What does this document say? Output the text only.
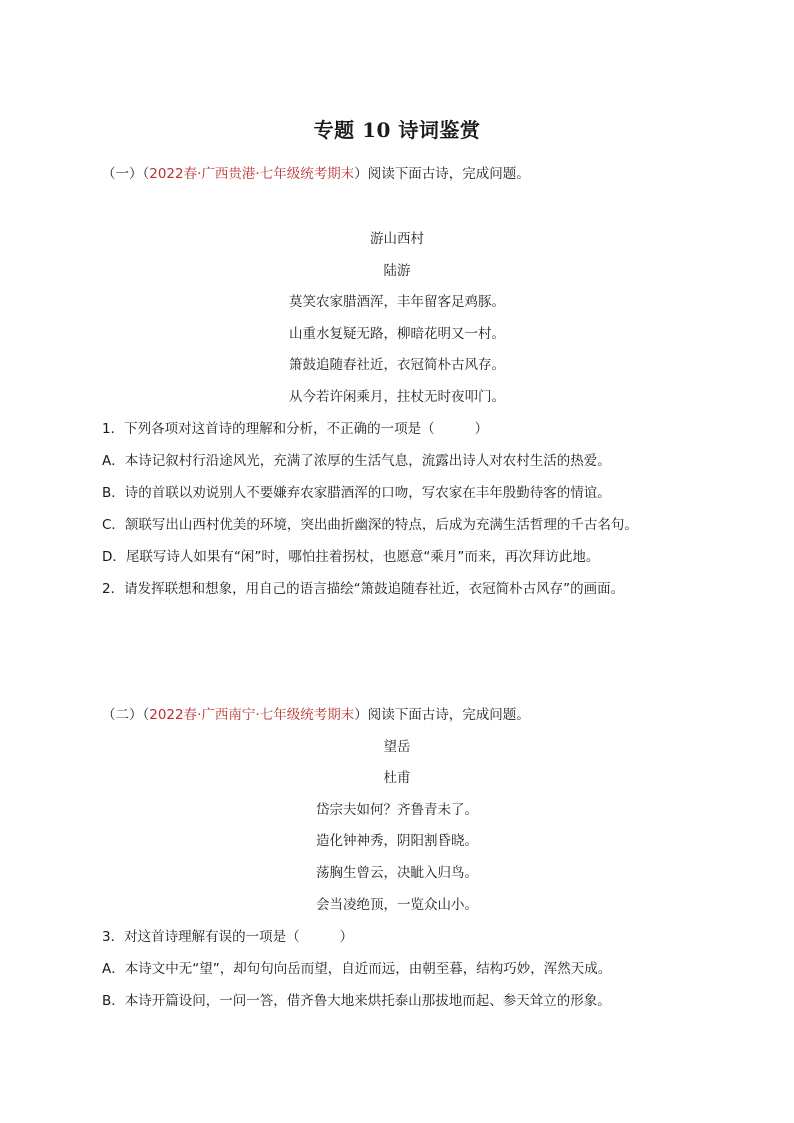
专题 10 诗词鉴赏
（一）（2022春·广西贵港·七年级统考期末）阅读下面古诗，完成问题。
游山西村
陆游
莫笑农家腊酒浑，丰年留客足鸡豚。
山重水复疑无路，柳暗花明又一村。
箫鼓追随春社近，衣冠简朴古风存。
从今若许闲乘月，拄杖无时夜叩门。
1．下列各项对这首诗的理解和分析，不正确的一项是（	）
A．本诗记叙村行沿途风光，充满了浓厚的生活气息，流露出诗人对农村生活的热爱。
B．诗的首联以劝说别人不要嫌弃农家腊酒浑的口吻，写农家在丰年殷勤待客的情谊。
C．颔联写出山西村优美的环境，突出曲折幽深的特点，后成为充满生活哲理的千古名句。
D．尾联写诗人如果有“闲”时，哪怕拄着拐杖，也愿意“乘月”而来，再次拜访此地。
2．请发挥联想和想象，用自己的语言描绘“箫鼓追随春社近，衣冠简朴古风存”的画面。
（二）（2022春·广西南宁·七年级统考期末）阅读下面古诗，完成问题。
望岳
杜甫
岱宗夫如何？齐鲁青未了。
造化钟神秀，阴阳割昏晓。
荡胸生曾云，决眦入归鸟。
会当凌绝顶，一览众山小。
3．对这首诗理解有误的一项是（	）
A．本诗文中无“望”，却句句向岳而望，自近而远，由朝至暮，结构巧妙，浑然天成。
B．本诗开篇设问，一问一答，借齐鲁大地来烘托泰山那拔地而起、参天耸立的形象。
